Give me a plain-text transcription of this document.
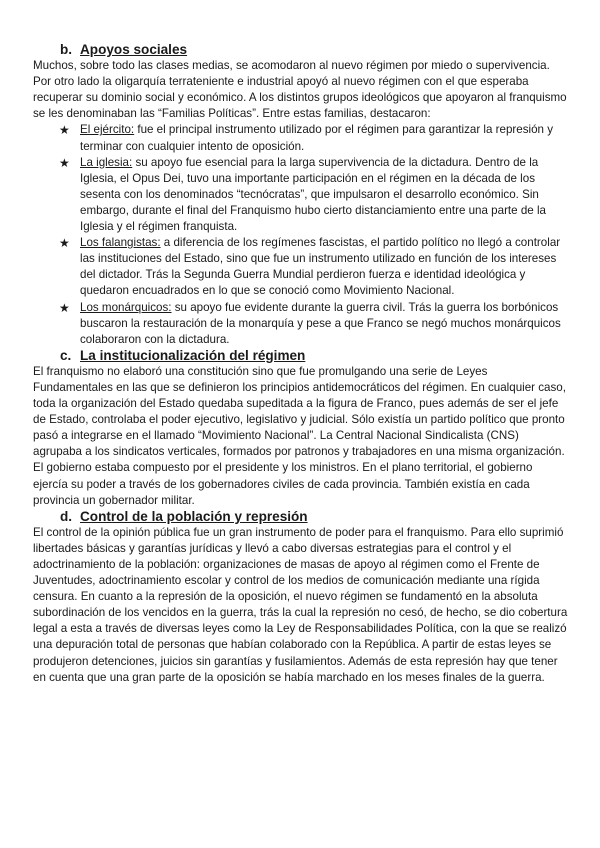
b. Apoyos sociales

Muchos, sobre todo las clases medias, se acomodaron al nuevo régimen por miedo o supervivencia. Por otro lado la oligarquía terrateniente e industrial apoyó al nuevo régimen con el que esperaba recuperar su dominio social y económico. A los distintos grupos ideológicos que apoyaron al franquismo se les denominaban las “Familias Políticas”. Entre estas familias, destacaron:

★ El ejército: fue el principal instrumento utilizado por el régimen para garantizar la represión y terminar con cualquier intento de oposición.
★ La iglesia: su apoyo fue esencial para la larga supervivencia de la dictadura. Dentro de la Iglesia, el Opus Dei, tuvo una importante participación en el régimen en la década de los sesenta con los denominados “tecnócratas”, que impulsaron el desarrollo económico. Sin embargo, durante el final del Franquismo hubo cierto distanciamiento entre una parte de la Iglesia y el régimen franquista.
★ Los falangistas: a diferencia de los regímenes fascistas, el partido político no llegó a controlar las instituciones del Estado, sino que fue un instrumento utilizado en función de los intereses del dictador. Trás la Segunda Guerra Mundial perdieron fuerza e identidad ideológica y quedaron encuadrados en lo que se conoció como Movimiento Nacional.
★ Los monárquicos: su apoyo fue evidente durante la guerra civil. Trás la guerra los borbónicos buscaron la restauración de la monarquía y pese a que Franco se negó muchos monárquicos colaboraron con la dictadura.
c. La institucionalización del régimen

El franquismo no elaboró una constitución sino que fue promulgando una serie de Leyes Fundamentales en las que se definieron los principios antidemocráticos del régimen. En cualquier caso, toda la organización del Estado quedaba supeditada a la figura de Franco, pues además de ser el jefe de Estado, controlaba el poder ejecutivo, legislativo y judicial. Sólo existía un partido político que pronto pasó a integrarse en el llamado “Movimiento Nacional”. La Central Nacional Sindicalista (CNS) agrupaba a los sindicatos verticales, formados por patronos y trabajadores en una misma organización. El gobierno estaba compuesto por el presidente y los ministros. En el plano territorial, el gobierno ejercía su poder a través de los gobernadores civiles de cada provincia. También existía en cada provincia un gobernador militar.

d. Control de la población y represión

El control de la opinión pública fue un gran instrumento de poder para el franquismo. Para ello suprimió libertades básicas y garantías jurídicas y llevó a cabo diversas estrategias para el control y el adoctrinamiento de la población: organizaciones de masas de apoyo al régimen como el Frente de Juventudes, adoctrinamiento escolar y control de los medios de comunicación mediante una rígida censura. En cuanto a la represión de la oposición, el nuevo régimen se fundamentó en la absoluta subordinación de los vencidos en la guerra, trás la cual la represión no cesó, de hecho, se dio cobertura legal a esta a través de diversas leyes como la Ley de Responsabilidades Política, con la que se realizó una depuración total de personas que habían colaborado con la República. A partir de estas leyes se produjeron detenciones, juicios sin garantías y fusilamientos. Además de esta represión hay que tener en cuenta que una gran parte de la oposición se había marchado en los meses finales de la guerra.
